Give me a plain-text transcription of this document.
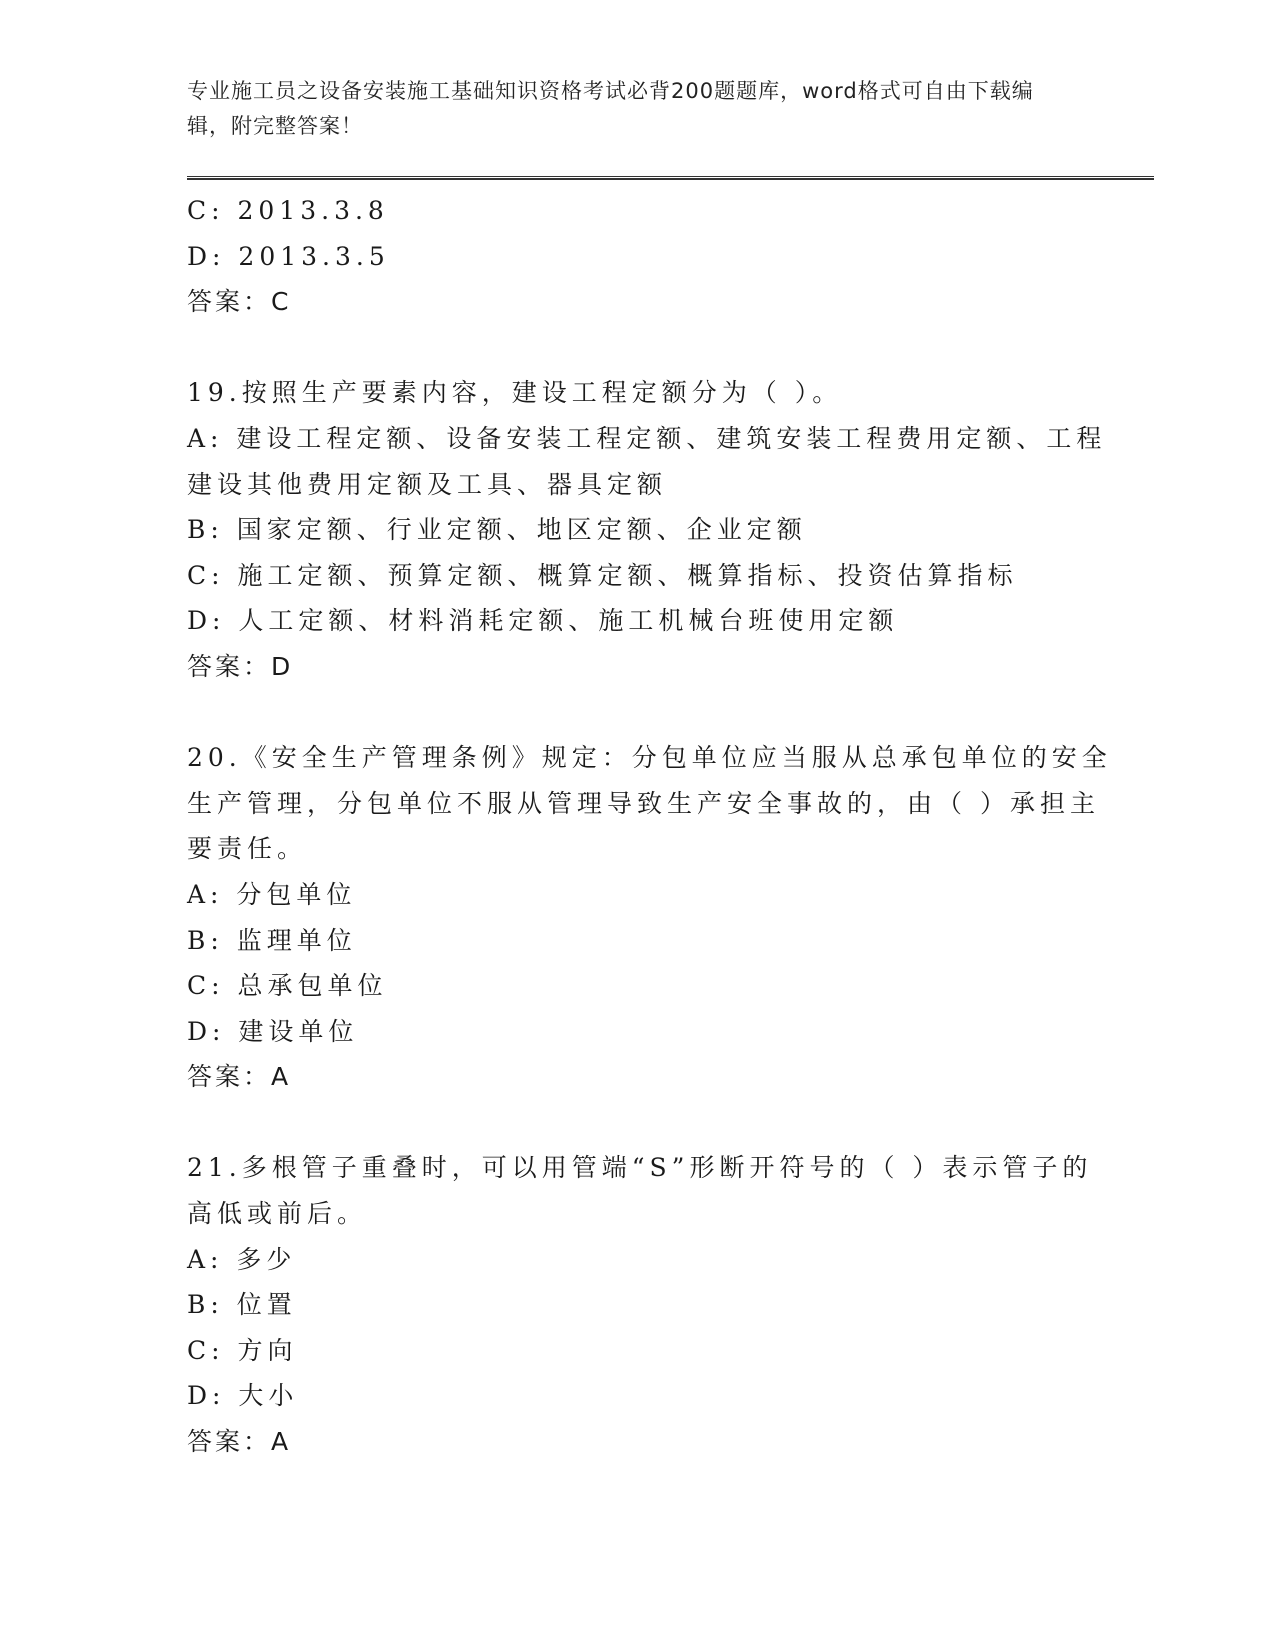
专业施工员之设备安装施工基础知识资格考试必背200题题库，word格式可自由下载编辑，附完整答案！
C: 2013.3.8
D: 2013.3.5
答案：C
19.按照生产要素内容，建设工程定额分为（ ）。
A: 建设工程定额、设备安装工程定额、建筑安装工程费用定额、工程
建设其他费用定额及工具、器具定额
B: 国家定额、行业定额、地区定额、企业定额
C: 施工定额、预算定额、概算定额、概算指标、投资估算指标
D: 人工定额、材料消耗定额、施工机械台班使用定额
答案：D
20.《安全生产管理条例》规定：分包单位应当服从总承包单位的安全
生产管理，分包单位不服从管理导致生产安全事故的，由（ ）承担主
要责任。
A: 分包单位
B: 监理单位
C: 总承包单位
D: 建设单位
答案：A
21.多根管子重叠时，可以用管端“S”形断开符号的（ ）表示管子的
高低或前后。
A: 多少
B: 位置
C: 方向
D: 大小
答案：A
